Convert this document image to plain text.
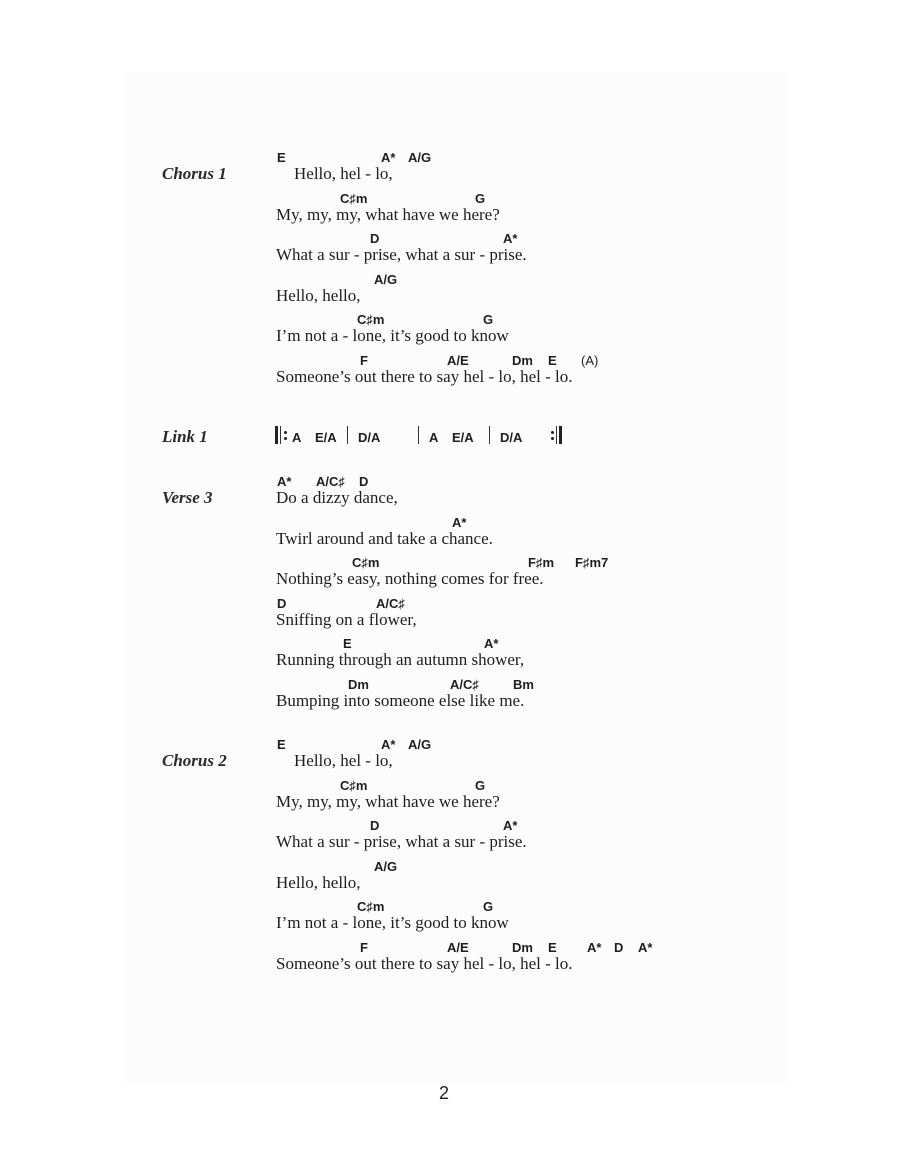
Chorus 1
E	A* A/G
Hello, hel - lo,
C♯m	G
My, my, my, what have we here?
D	A*
What a sur - prise, what a sur - prise.
A/G
Hello, hello,
C♯m	G
I’m not a - lone, it’s good to know
F	A/E	Dm E (A)
Someone’s out there to say hel - lo, hel - lo.
Link 1	A E/A D/A	A E/A D/A
Verse 3
A* A/C♯ D
Do a dizzy dance,
A*
Twirl around and take a chance.
C♯m	F♯m F♯m7
Nothing’s easy, nothing comes for free.
D	A/C♯
Sniffing on a flower,
E	A*
Running through an autumn shower,
Dm	A/C♯	Bm
Bumping into someone else like me.
Chorus 2
E	A* A/G
Hello, hel - lo,
C♯m	G
My, my, my, what have we here?
D	A*
What a sur - prise, what a sur - prise.
A/G
Hello, hello,
C♯m	G
I’m not a - lone, it’s good to know
F	A/E	Dm E A* D A*
Someone’s out there to say hel - lo, hel - lo.
2
